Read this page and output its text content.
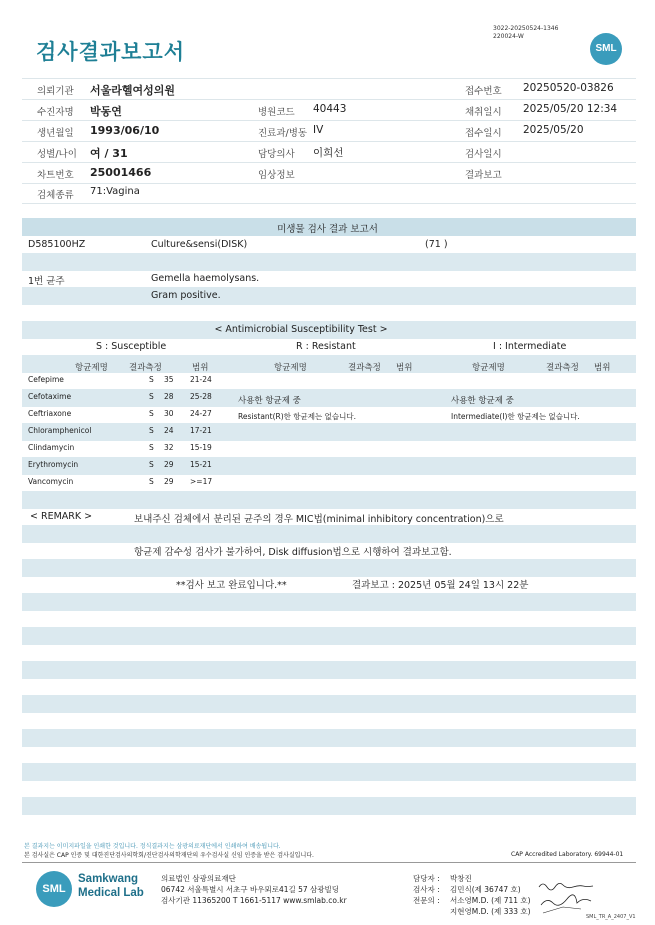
검사결과보고서
3022-20250524-1346
220024-W
SML
의뢰기관 서울라헬여성의원	접수번호 20250520-03826
수진자명 박동연	병원코드 40443	채취일시 2025/05/20 12:34
생년월일 1993/06/10	진료과/병동 IV	접수일시 2025/05/20
성별/나이 여 / 31	담당의사 이희선	검사일시
차트번호 25001466	임상정보	결과보고
검체종류 71:Vagina
미생물 검사 결과 보고서
D585100HZ	Culture&sensi(DISK)	(71 )
1번 균주	Gemella haemolysans.
Gram positive.
< Antimicrobial Susceptibility Test >
S : Susceptible	R : Resistant	I : Intermediate
항균제명 결과측정	범위	항균제명	결과측정 범위	항균제명	결과측정 범위
Cefepime	S 35 21-24
Cefotaxime	S 28 25-28
Ceftriaxone	S 30 24-27
Chloramphenicol	S 24 17-21
Clindamycin	S 32 15-19
Erythromycin	S 29 15-21
Vancomycin	S 29 >=17
사용한 항균제 중
Resistant(R)한 항균제는 없습니다.
사용한 항균제 중
Intermediate(I)한 항균제는 없습니다.
< REMARK >	보내주신 검체에서 분리된 균주의 경우 MIC법(minimal inhibitory concentration)으로
항균제 감수성 검사가 불가하여, Disk diffusion법으로 시행하여 결과보고함.
**검사 보고 완료입니다.**	결과보고 : 2025년 05월 24일 13시 22분
본 결과지는 이미지파일을 인쇄한 것입니다. 정식결과지는 삼광의료재단에서 인쇄하여 배송됩니다.
본 검사실은 CAP 인증 및 대한진단검사의학회/진단검사의학재단의 우수검사실 신임 인증을 받은 검사실입니다.	CAP Accredited Laboratory. 69944-01
SML
Samkwang
Medical Lab
의료법인 삼광의료재단
06742 서울특별시 서초구 바우뫼로41길 57 삼광빌딩
검사기관 11365200 T 1661-5117 www.smlab.co.kr
담당자 : 박창진
검사자 : 김민식(제 36747 호)
전문의 : 서소영M.D. (제 711 호)
지현영M.D. (제 333 호)
SML_TR_A_2407_V1
